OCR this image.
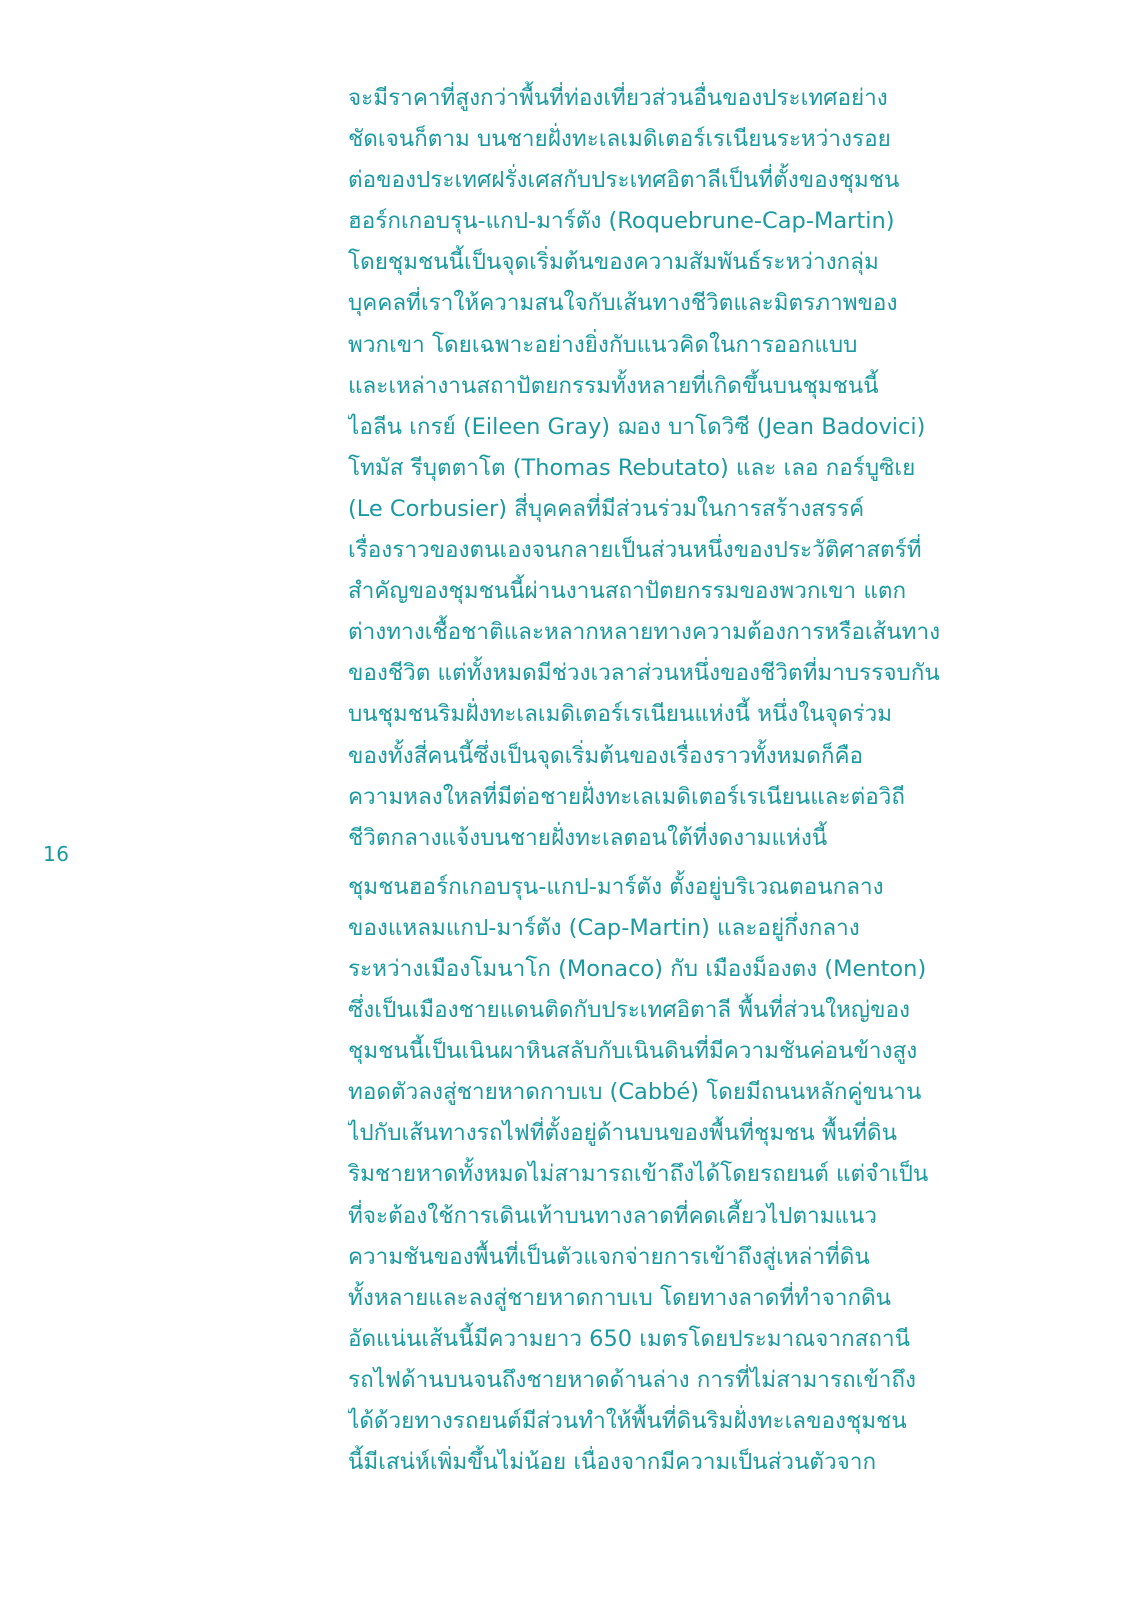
16
จะมีราคาที่สูงกว่าพื้นที่ท่องเที่ยวส่วนอื่นของประเทศอย่าง
ชัดเจนก็ตาม บนชายฝั่งทะเลเมดิเตอร์เรเนียนระหว่างรอย
ต่อของประเทศฝรั่งเศสกับประเทศอิตาลีเป็นที่ตั้งของชุมชน
ฮอร์กเกอบรุน-แกป-มาร์ตัง (Roquebrune-Cap-Martin)
โดยชุมชนนี้เป็นจุดเริ่มต้นของความสัมพันธ์ระหว่างกลุ่ม
บุคคลที่เราให้ความสนใจกับเส้นทางชีวิตและมิตรภาพของ
พวกเขา โดยเฉพาะอย่างยิ่งกับแนวคิดในการออกแบบ
และเหล่างานสถาปัตยกรรมทั้งหลายที่เกิดขึ้นบนชุมชนนี้
ไอลีน เกรย์ (Eileen Gray) ฌอง บาโดวิซี (Jean Badovici)
โทมัส รีบุตตาโต (Thomas Rebutato) และ เลอ กอร์บูซิเย
(Le Corbusier) สี่บุคคลที่มีส่วนร่วมในการสร้างสรรค์
เรื่องราวของตนเองจนกลายเป็นส่วนหนึ่งของประวัติศาสตร์ที่
สำคัญของชุมชนนี้ผ่านงานสถาปัตยกรรมของพวกเขา แตก
ต่างทางเชื้อชาติและหลากหลายทางความต้องการหรือเส้นทาง
ของชีวิต แต่ทั้งหมดมีช่วงเวลาส่วนหนึ่งของชีวิตที่มาบรรจบกัน
บนชุมชนริมฝั่งทะเลเมดิเตอร์เรเนียนแห่งนี้ หนึ่งในจุดร่วม
ของทั้งสี่คนนี้ซึ่งเป็นจุดเริ่มต้นของเรื่องราวทั้งหมดก็คือ
ความหลงใหลที่มีต่อชายฝั่งทะเลเมดิเตอร์เรเนียนและต่อวิถี
ชีวิตกลางแจ้งบนชายฝั่งทะเลตอนใต้ที่งดงามแห่งนี้
ชุมชนฮอร์กเกอบรุน-แกป-มาร์ตัง ตั้งอยู่บริเวณตอนกลาง
ของแหลมแกป-มาร์ตัง (Cap-Martin) และอยู่กึ่งกลาง
ระหว่างเมืองโมนาโก (Monaco) กับ เมืองม็องตง (Menton)
ซึ่งเป็นเมืองชายแดนติดกับประเทศอิตาลี พื้นที่ส่วนใหญ่ของ
ชุมชนนี้เป็นเนินผาหินสลับกับเนินดินที่มีความชันค่อนข้างสูง
ทอดตัวลงสู่ชายหาดกาบเบ (Cabbé) โดยมีถนนหลักคู่ขนาน
ไปกับเส้นทางรถไฟที่ตั้งอยู่ด้านบนของพื้นที่ชุมชน พื้นที่ดิน
ริมชายหาดทั้งหมดไม่สามารถเข้าถึงได้โดยรถยนต์ แต่จำเป็น
ที่จะต้องใช้การเดินเท้าบนทางลาดที่คดเคี้ยวไปตามแนว
ความชันของพื้นที่เป็นตัวแจกจ่ายการเข้าถึงสู่เหล่าที่ดิน
ทั้งหลายและลงสู่ชายหาดกาบเบ โดยทางลาดที่ทำจากดิน
อัดแน่นเส้นนี้มีความยาว 650 เมตรโดยประมาณจากสถานี
รถไฟด้านบนจนถึงชายหาดด้านล่าง การที่ไม่สามารถเข้าถึง
ได้ด้วยทางรถยนต์มีส่วนทำให้พื้นที่ดินริมฝั่งทะเลของชุมชน
นี้มีเสน่ห์เพิ่มขึ้นไม่น้อย เนื่องจากมีความเป็นส่วนตัวจาก
